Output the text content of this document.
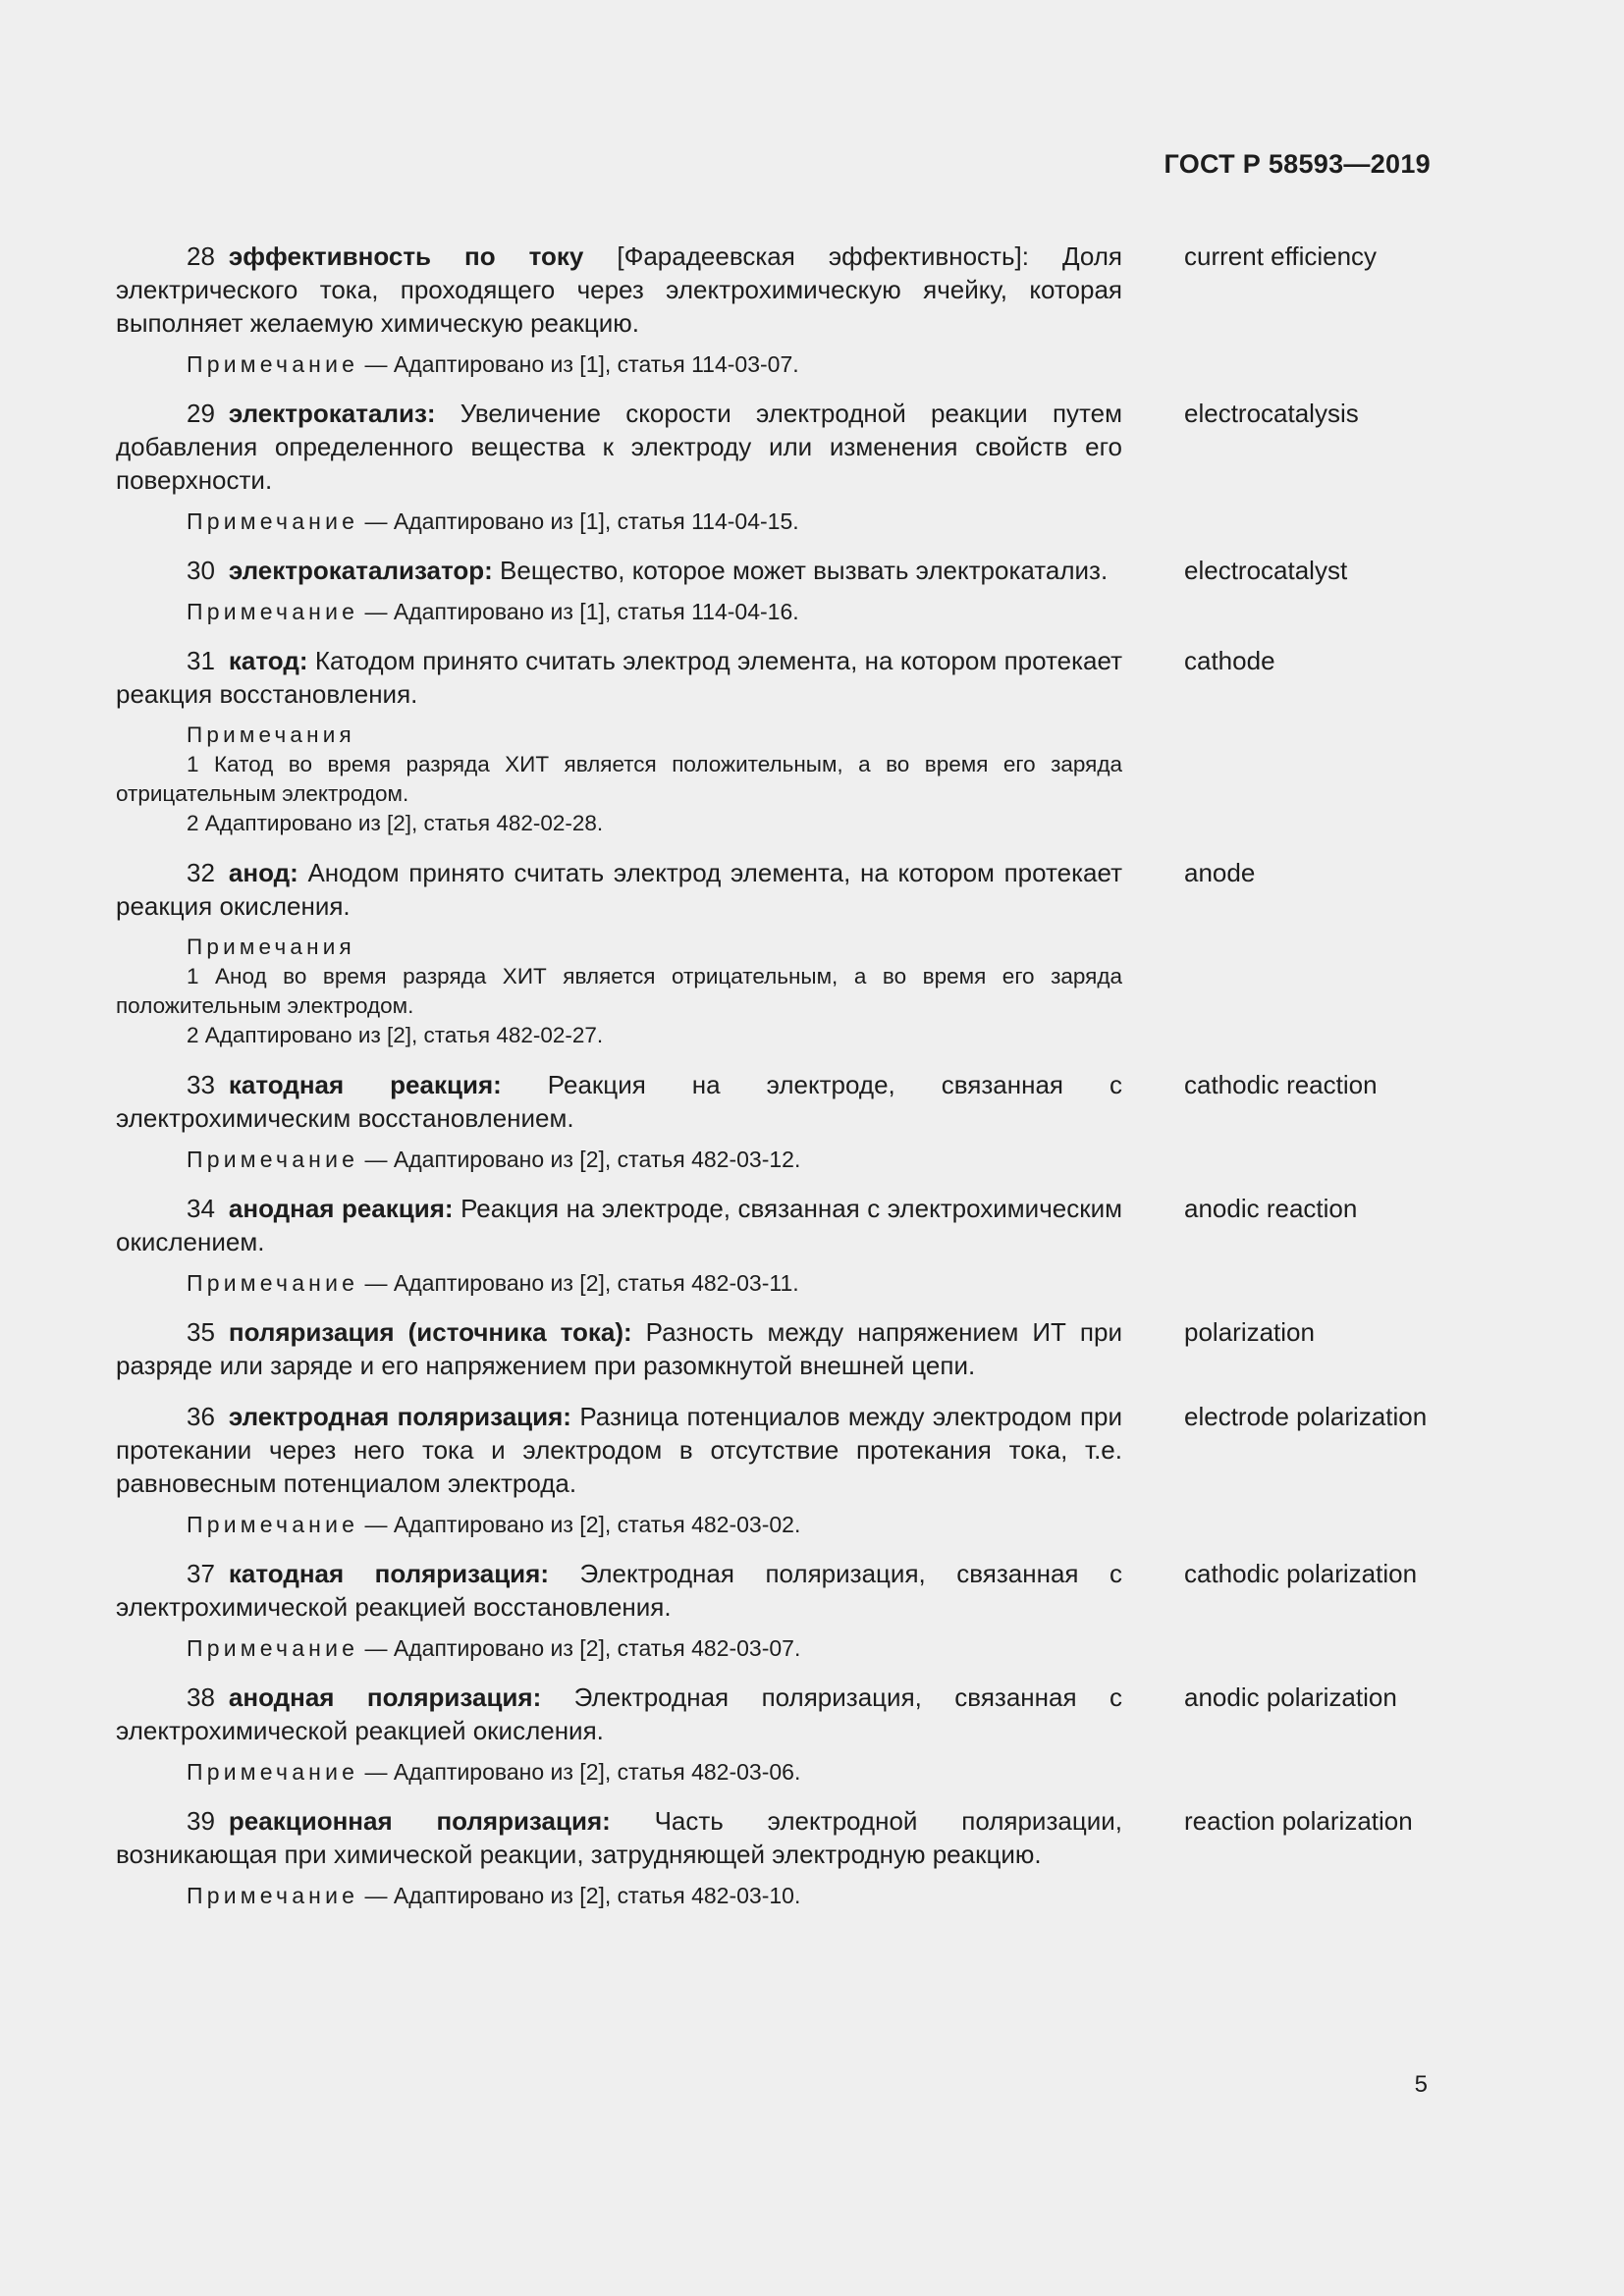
ГОСТ Р 58593—2019

28 эффективность по току [Фарадеевская эффективность]: Доля электрического тока, проходящего через электрохимическую ячейку, которая выполняет желаемую химическую реакцию.

Примечание — Адаптировано из [1], статья 114-03-07.

current efficiency

29 электрокатализ: Увеличение скорости электродной реакции путем добавления определенного вещества к электроду или изменения свойств его поверхности.

Примечание — Адаптировано из [1], статья 114-04-15.

electrocatalysis

30 электрокатализатор: Вещество, которое может вызвать электрокатализ.

Примечание — Адаптировано из [1], статья 114-04-16.

electrocatalyst

31 катод: Катодом принято считать электрод элемента, на котором протекает реакция восстановления.

Примечания
1 Катод во время разряда ХИТ является положительным, а во время его заряда отрицательным электродом.
2 Адаптировано из [2], статья 482-02-28.
cathode

32 анод: Анодом принято считать электрод элемента, на котором протекает реакция окисления.

Примечания
1 Анод во время разряда ХИТ является отрицательным, а во время его заряда положительным электродом.
2 Адаптировано из [2], статья 482-02-27.
anode

33 катодная реакция: Реакция на электроде, связанная с электрохимическим восстановлением.

Примечание — Адаптировано из [2], статья 482-03-12.

cathodic reaction

34 анодная реакция: Реакция на электроде, связанная с электрохимическим окислением.

Примечание — Адаптировано из [2], статья 482-03-11.

anodic reaction

35 поляризация (источника тока): Разность между напряжением ИТ при разряде или заряде и его напряжением при разомкнутой внешней цепи.

polarization

36 электродная поляризация: Разница потенциалов между электродом при протекании через него тока и электродом в отсутствие протекания тока, т.е. равновесным потенциалом электрода.

Примечание — Адаптировано из [2], статья 482-03-02.

electrode polarization

37 катодная поляризация: Электродная поляризация, связанная с электрохимической реакцией восстановления.

Примечание — Адаптировано из [2], статья 482-03-07.

cathodic polarization

38 анодная поляризация: Электродная поляризация, связанная с электрохимической реакцией окисления.

Примечание — Адаптировано из [2], статья 482-03-06.

anodic polarization

39 реакционная поляризация: Часть электродной поляризации, возникающая при химической реакции, затрудняющей электродную реакцию.

Примечание — Адаптировано из [2], статья 482-03-10.

reaction polarization
5
